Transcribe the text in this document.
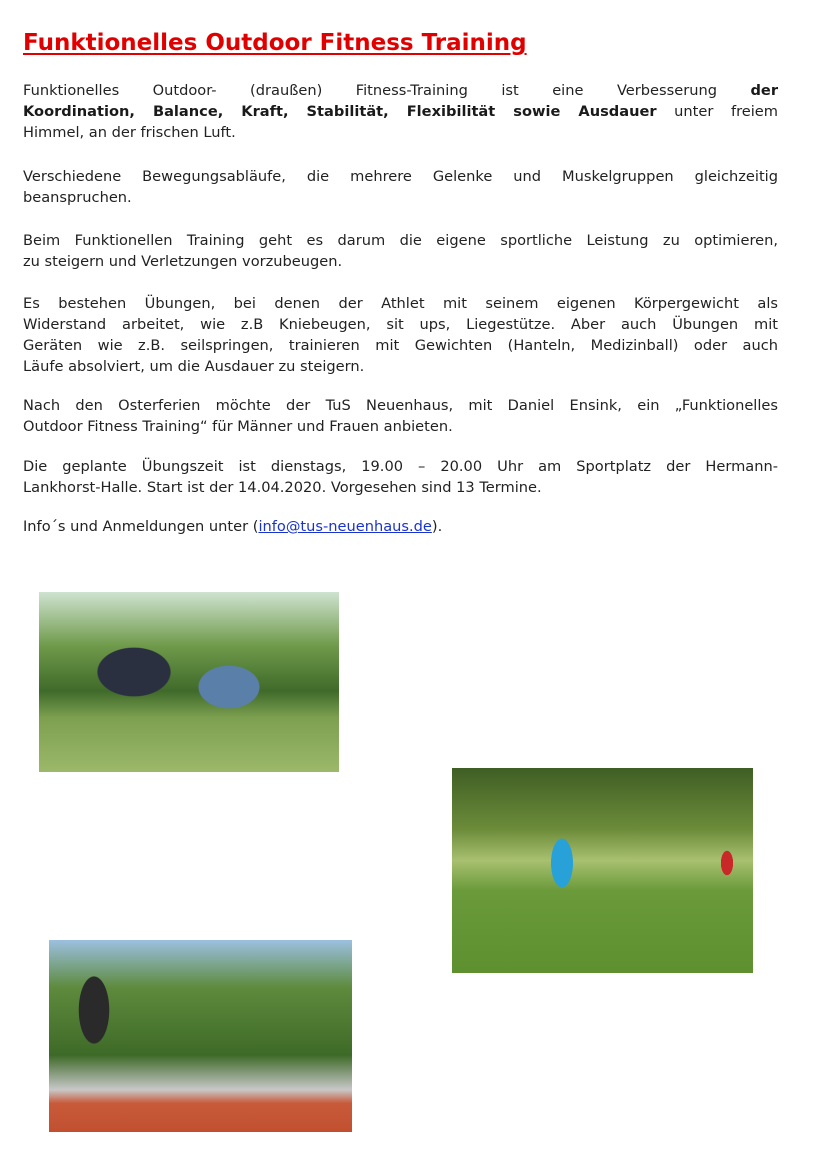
Funktionelles Outdoor Fitness Training
Funktionelles Outdoor- (draußen) Fitness-Training ist eine Verbesserung der
Koordination, Balance, Kraft, Stabilität, Flexibilität sowie Ausdauer unter freiem
Himmel, an der frischen Luft.
Verschiedene Bewegungsabläufe, die mehrere Gelenke und Muskelgruppen gleichzeitig
beanspruchen.
Beim Funktionellen Training geht es darum die eigene sportliche Leistung zu optimieren,
zu steigern und Verletzungen vorzubeugen.
Es bestehen Übungen, bei denen der Athlet mit seinem eigenen Körpergewicht als
Widerstand arbeitet, wie z.B Kniebeugen, sit ups, Liegestütze. Aber auch Übungen mit
Geräten wie z.B. seilspringen, trainieren mit Gewichten (Hanteln, Medizinball) oder auch
Läufe absolviert, um die Ausdauer zu steigern.
Nach den Osterferien möchte der TuS Neuenhaus, mit Daniel Ensink, ein „Funktionelles
Outdoor Fitness Training“ für Männer und Frauen anbieten.
Die geplante Übungszeit ist dienstags, 19.00 – 20.00 Uhr am Sportplatz der Hermann-
Lankhorst-Halle. Start ist der 14.04.2020. Vorgesehen sind 13 Termine.
Info´s und Anmeldungen unter (info@tus-neuenhaus.de).
